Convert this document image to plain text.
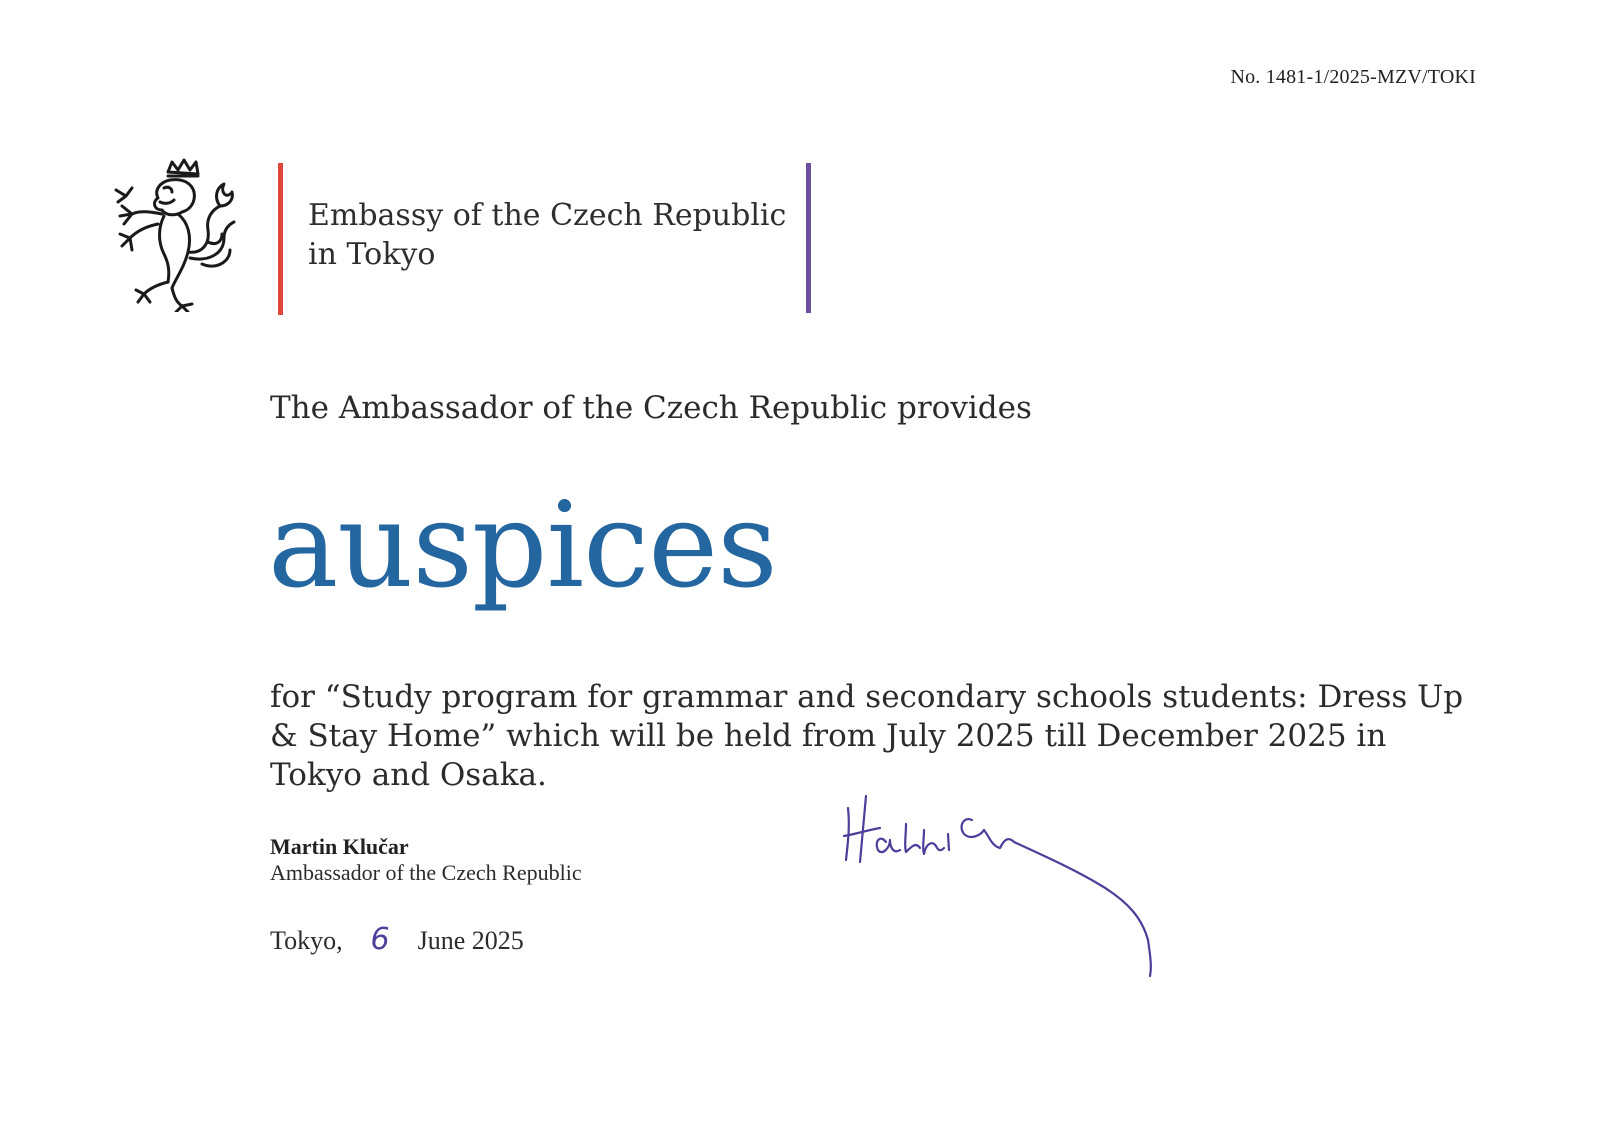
No. 1481-1/2025-MZV/TOKI
Embassy of the Czech Republic
in Tokyo
The Ambassador of the Czech Republic provides
auspices
for “Study program for grammar and secondary schools students: Dress Up & Stay Home” which will be held from July 2025 till December 2025 in Tokyo and Osaka.
Martin Klučar
Ambassador of the Czech Republic
Tokyo, 6 June 2025
